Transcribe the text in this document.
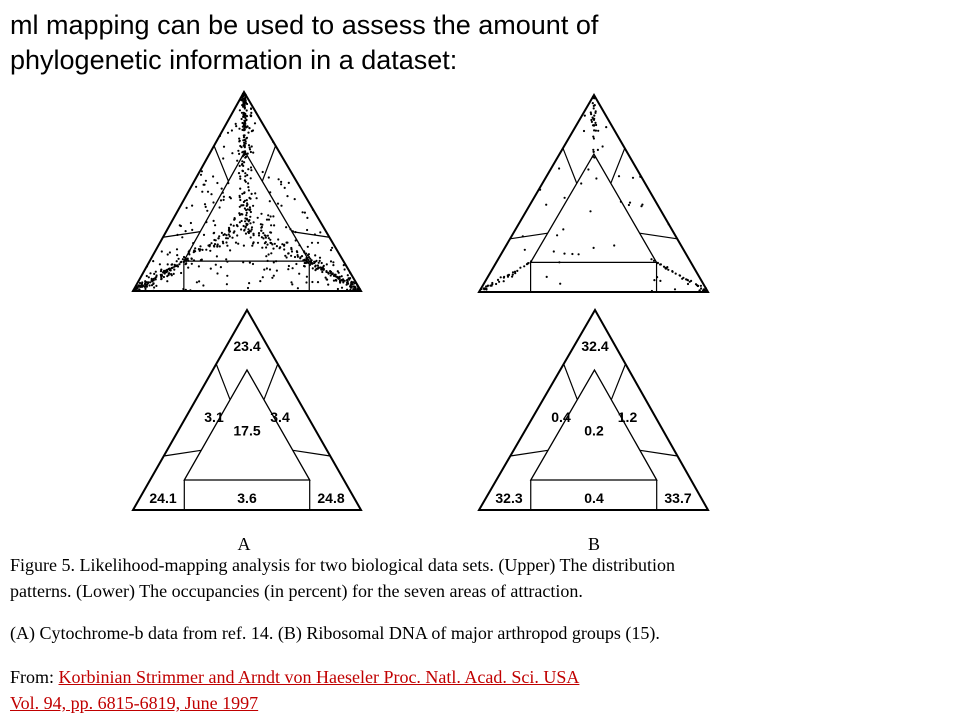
ml mapping can be used to assess the amount of
phylogenetic information in a dataset:
23.4
3.1
17.5
3.4
24.1	3.6	24.8
32.4
0.4
0.2
1.2
32.3	0.4	33.7
A	B
Figure 5. Likelihood-mapping analysis for two biological data sets. (Upper) The distribution
patterns. (Lower) The occupancies (in percent) for the seven areas of attraction.
(A) Cytochrome-b data from ref. 14. (B) Ribosomal DNA of major arthropod groups (15).
From: Korbinian Strimmer and Arndt von Haeseler Proc. Natl. Acad. Sci. USA
Vol. 94, pp. 6815-6819, June 1997
